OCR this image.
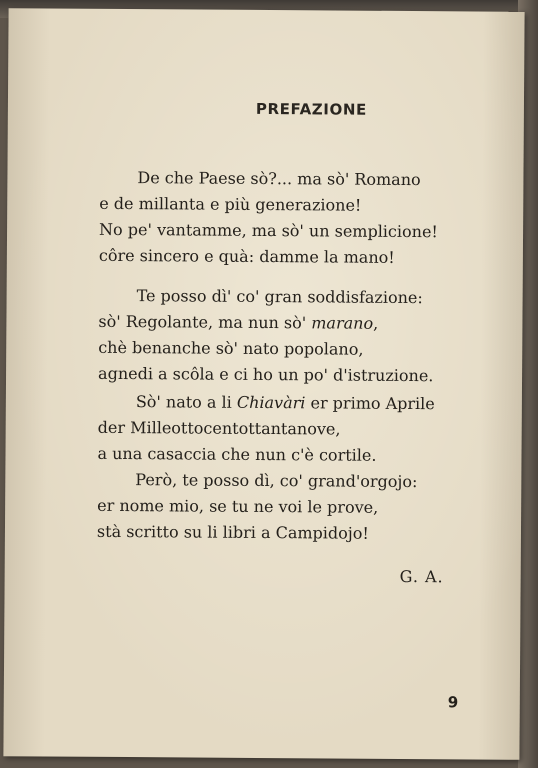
PREFAZIONE
De che Paese sò?... ma sò' Romano
e de millanta e più generazione!
No pe' vantamme, ma sò' un semplicione!
côre sincero e quà: damme la mano!
Te posso dì' co' gran soddisfazione:
sò' Regolante, ma nun sò' marano,
chè benanche sò' nato popolano,
agnedi a scôla e ci ho un po' d'istruzione.
Sò' nato a li Chiavàri er primo Aprile
der Milleottocentottantanove,
a una casaccia che nun c'è cortile.
Però, te posso dì, co' grand'orgojo:
er nome mio, se tu ne voi le prove,
stà scritto su li libri a Campidojo!
G. A.
9
